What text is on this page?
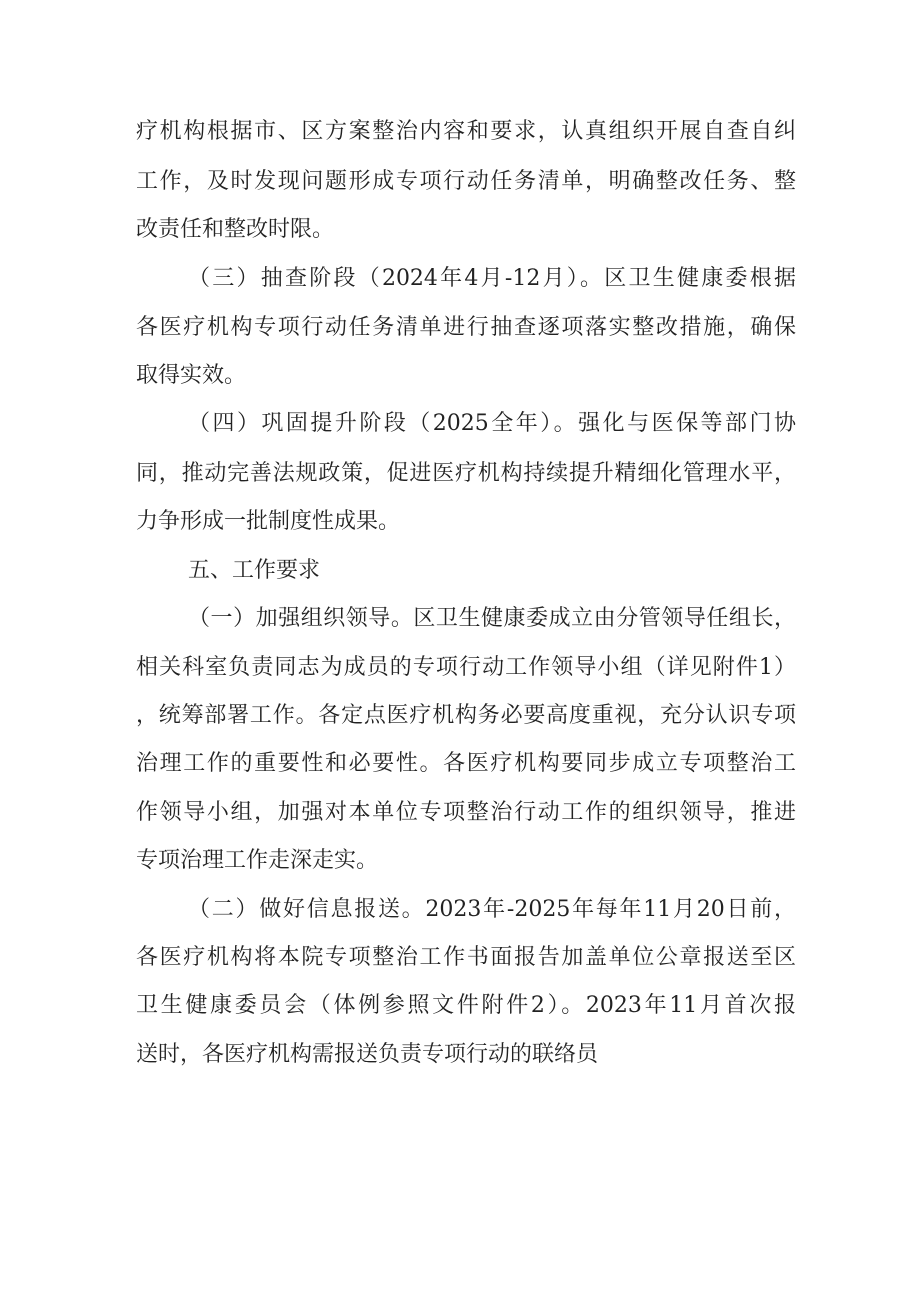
疗机构根据市、区方案整治内容和要求，认真组织开展自查自纠
工作，及时发现问题形成专项行动任务清单，明确整改任务、整
改责任和整改时限。
（三）抽查阶段（2024年4月-12月）。区卫生健康委根据
各医疗机构专项行动任务清单进行抽查逐项落实整改措施，确保
取得实效。
（四）巩固提升阶段（2025全年）。强化与医保等部门协
同，推动完善法规政策，促进医疗机构持续提升精细化管理水平，
力争形成一批制度性成果。
五、工作要求
（一）加强组织领导。区卫生健康委成立由分管领导任组长，
相关科室负责同志为成员的专项行动工作领导小组（详见附件1）
，统筹部署工作。各定点医疗机构务必要高度重视，充分认识专项
治理工作的重要性和必要性。各医疗机构要同步成立专项整治工
作领导小组，加强对本单位专项整治行动工作的组织领导，推进
专项治理工作走深走实。
（二）做好信息报送。2023年-2025年每年11月20日前，
各医疗机构将本院专项整治工作书面报告加盖单位公章报送至区
卫生健康委员会（体例参照文件附件2）。2023年11月首次报
送时，各医疗机构需报送负责专项行动的联络员
